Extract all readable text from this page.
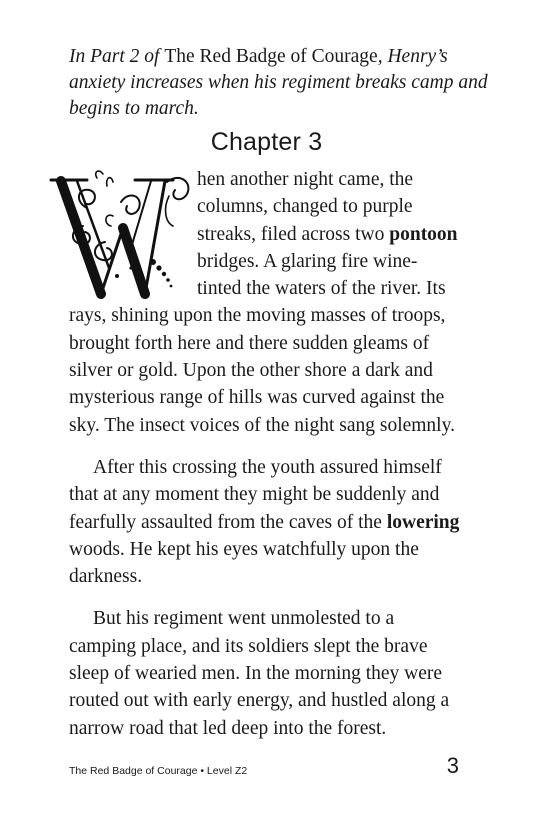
In Part 2 of The Red Badge of Courage, Henry’s anxiety increases when his regiment breaks camp and begins to march.
Chapter 3

hen another night came, the columns, changed to purple streaks, filed across two pontoon bridges. A glaring fire wine-tinted the waters of the river. Its rays, shining upon the moving masses of troops, brought forth here and there sudden gleams of silver or gold. Upon the other shore a dark and mysterious range of hills was curved against the sky. The insect voices of the night sang solemnly.

After this crossing the youth assured himself that at any moment they might be suddenly and fearfully assaulted from the caves of the lowering woods. He kept his eyes watchfully upon the darkness.

But his regiment went unmolested to a camping place, and its soldiers slept the brave sleep of wearied men. In the morning they were routed out with early energy, and hustled along a narrow road that led deep into the forest.

The Red Badge of Courage • Level Z2	3
